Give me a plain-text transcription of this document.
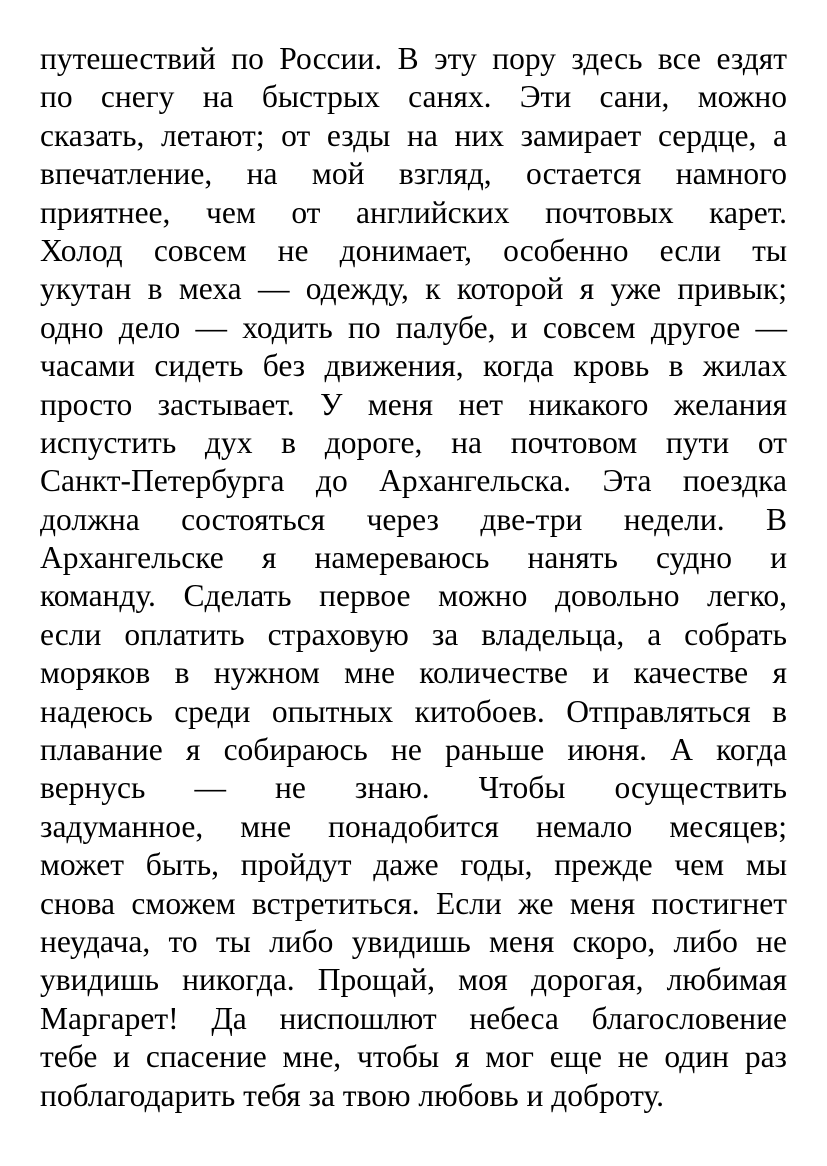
путешествий по России. В эту пору здесь все ездят
по снегу на быстрых санях. Эти сани, можно
сказать, летают; от езды на них замирает сердце, а
впечатление, на мой взгляд, остается намного
приятнее, чем от английских почтовых карет.
Холод совсем не донимает, особенно если ты
укутан в меха — одежду, к которой я уже привык;
одно дело — ходить по палубе, и совсем другое —
часами сидеть без движения, когда кровь в жилах
просто застывает. У меня нет никакого желания
испустить дух в дороге, на почтовом пути от
Санкт-Петербурга до Архангельска. Эта поездка
должна состояться через две-три недели. В
Архангельске я намереваюсь нанять судно и
команду. Сделать первое можно довольно легко,
если оплатить страховую за владельца, а собрать
моряков в нужном мне количестве и качестве я
надеюсь среди опытных китобоев. Отправляться в
плавание я собираюсь не раньше июня. А когда
вернусь — не знаю. Чтобы осуществить
задуманное, мне понадобится немало месяцев;
может быть, пройдут даже годы, прежде чем мы
снова сможем встретиться. Если же меня постигнет
неудача, то ты либо увидишь меня скоро, либо не
увидишь никогда. Прощай, моя дорогая, любимая
Маргарет! Да ниспошлют небеса благословение
тебе и спасение мне, чтобы я мог еще не один раз
поблагодарить тебя за твою любовь и доброту.
